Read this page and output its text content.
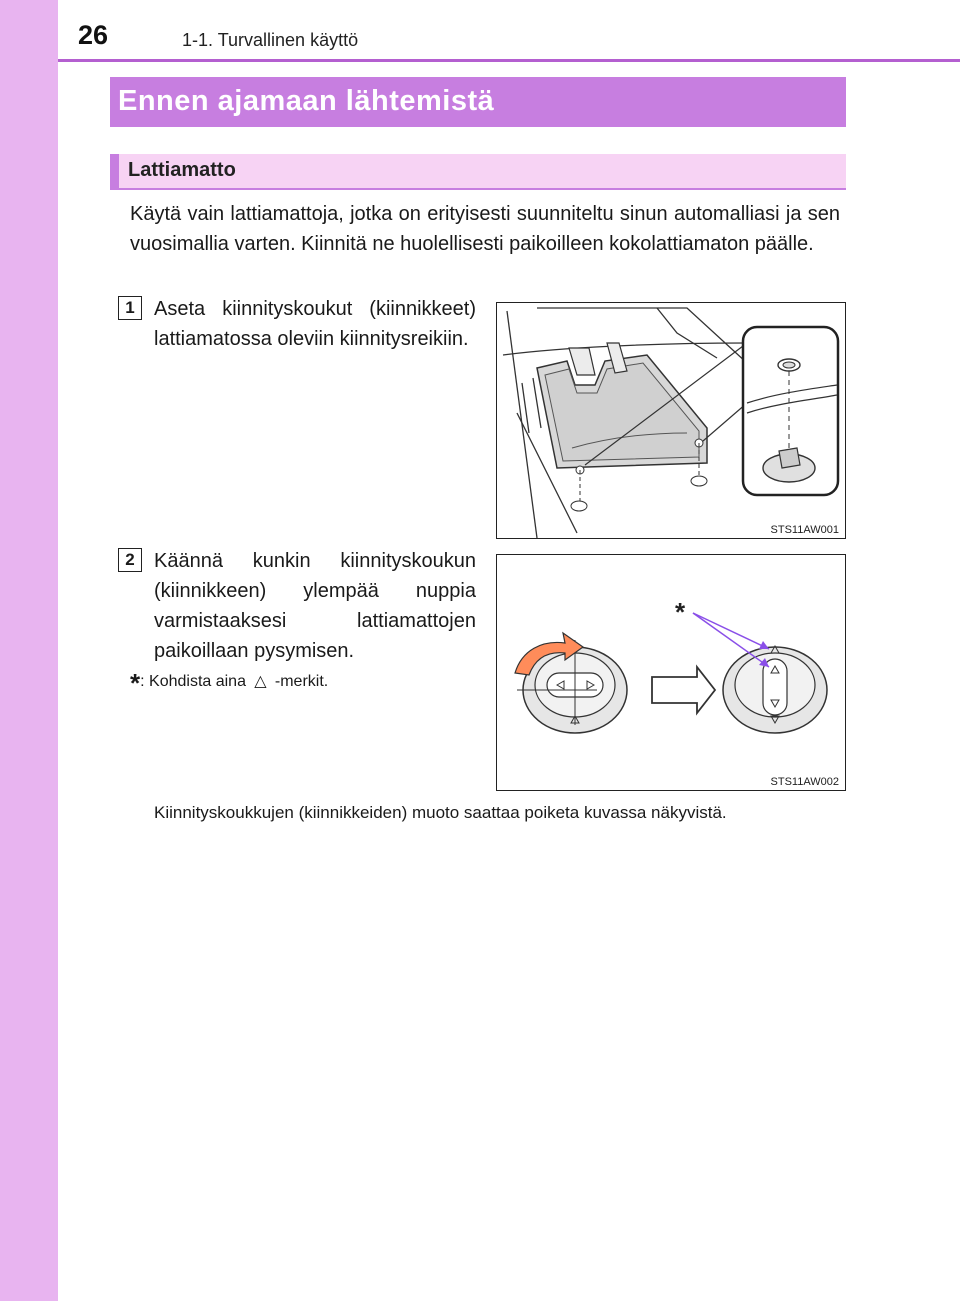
26	1-1. Turvallinen käyttö
Ennen ajamaan lähtemistä
Lattiamatto
Käytä vain lattiamattoja, jotka on erityisesti suunniteltu sinun automalliasi ja sen vuosimallia varten. Kiinnitä ne huolellisesti paikoilleen kokolattiamaton päälle.
1 Aseta kiinnityskoukut (kiinnikkeet) lattiamatossa oleviin kiinnitysreikiin.
2 Käännä kunkin kiinnityskoukun (kiinnikkeen) ylempää nuppia varmistaaksesi lattiamattojen paikoillaan pysymisen.
*: Kohdista aina △ -merkit.
Kiinnityskoukkujen (kiinnikkeiden) muoto saattaa poiketa kuvassa näkyvistä.
STS11AW001
*
STS11AW002
